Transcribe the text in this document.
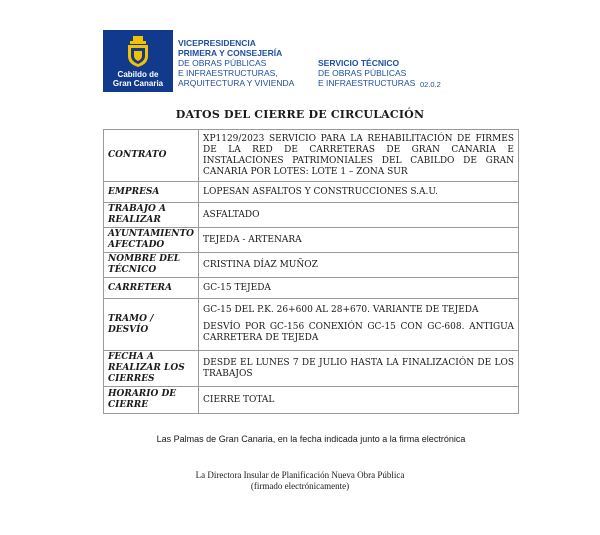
Cabildo de
Gran Canaria
VICEPRESIDENCIA
PRIMERA Y CONSEJERÍA
DE OBRAS PÚBLICAS
E INFRAESTRUCTURAS,
ARQUITECTURA Y VIVIENDA
SERVICIO TÉCNICO
DE OBRAS PÚBLICAS
E INFRAESTRUCTURAS 02.0.2
DATOS DEL CIERRE DE CIRCULACIÓN
CONTRATO	XP1129/2023 SERVICIO PARA LA REHABILITACIÓN DE FIRMES DE LA RED DE CARRETERAS DE GRAN CANARIA E INSTALACIONES PATRIMONIALES DEL CABILDO DE GRAN CANARIA POR LOTES: LOTE 1 – ZONA SUR
EMPRESA	LOPESAN ASFALTOS Y CONSTRUCCIONES S.A.U.
TRABAJO A REALIZAR	ASFALTADO
AYUNTAMIENTO AFECTADO	TEJEDA - ARTENARA
NOMBRE DEL TÉCNICO	CRISTINA DÍAZ MUÑOZ
CARRETERA	GC-15 TEJEDA
TRAMO / DESVÍO	GC-15 DEL P.K. 26+600 AL 28+670. VARIANTE DE TEJEDA

DESVÍO POR GC-156 CONEXIÓN GC-15 CON GC-608. ANTIGUA CARRETERA DE TEJEDA

FECHA A REALIZAR LOS CIERRES	DESDE EL LUNES 7 DE JULIO HASTA LA FINALIZACIÓN DE LOS TRABAJOS
HORARIO DE CIERRE	CIERRE TOTAL
Las Palmas de Gran Canaria, en la fecha indicada junto a la firma electrónica
La Directora Insular de Planificación Nueva Obra Pública
(firmado electrónicamente)
